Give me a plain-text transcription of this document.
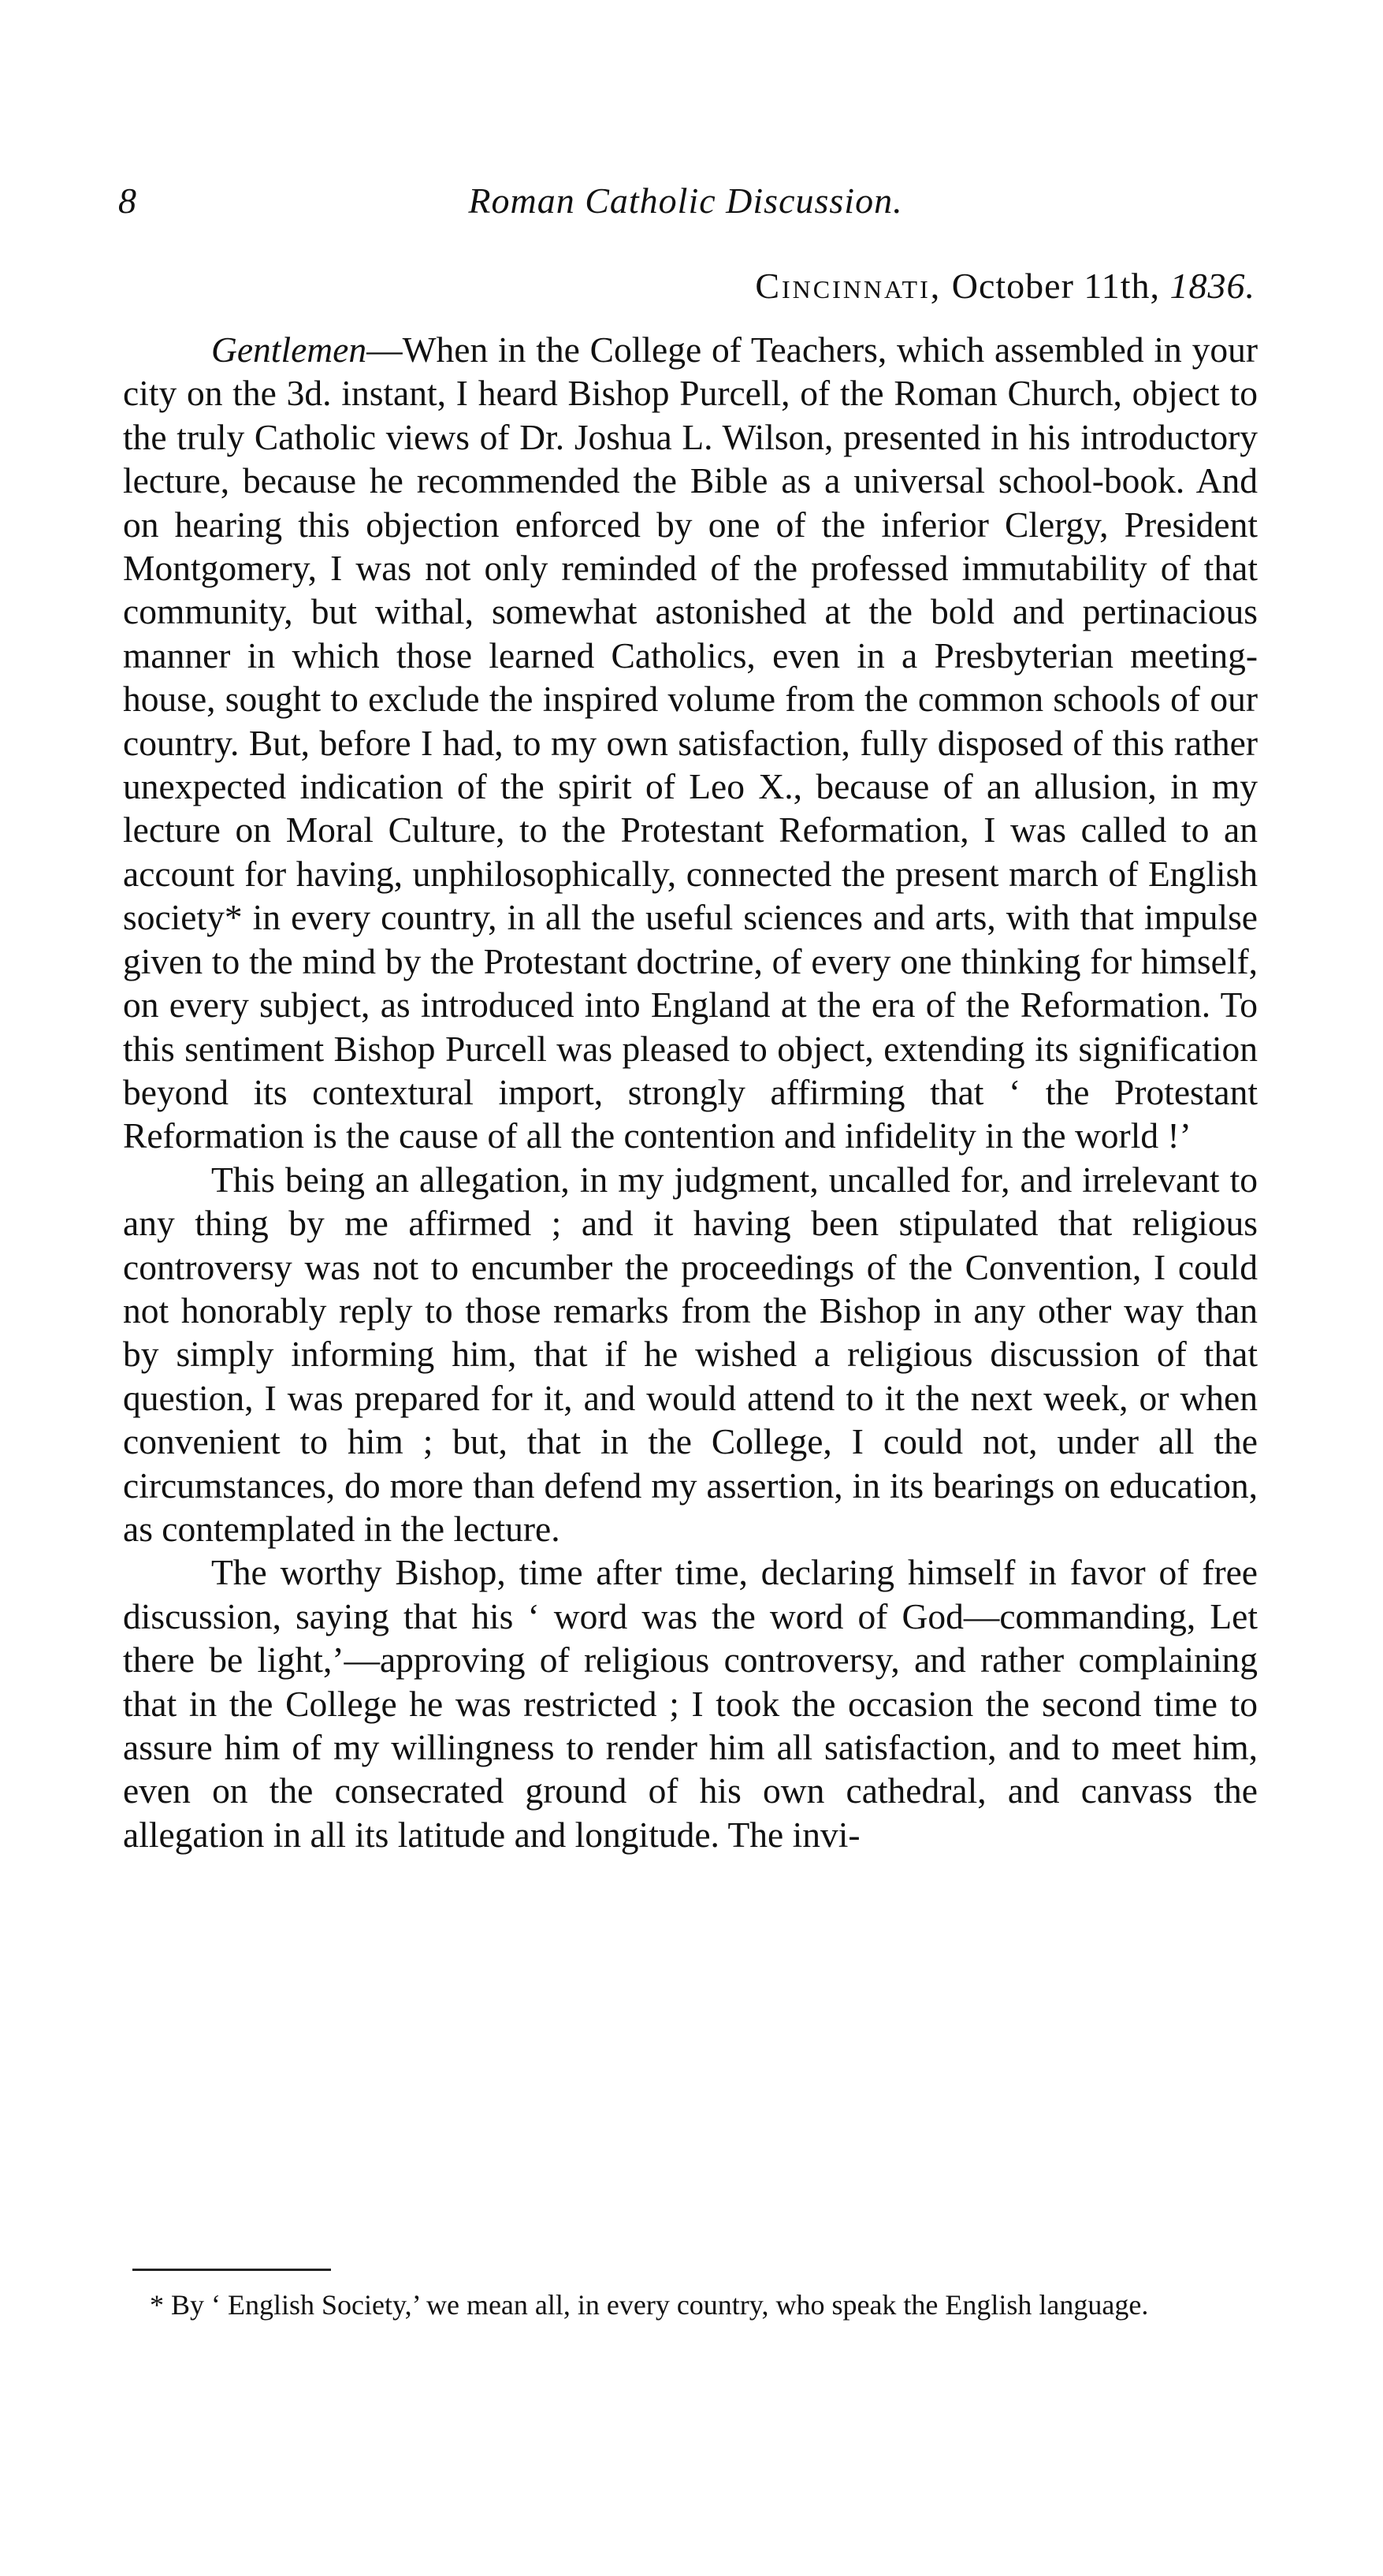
8	Roman Catholic Discussion.
Cincinnati, October 11th, 1836.

Gentlemen—When in the College of Teachers, which assembled in your city on the 3d. instant, I heard Bishop Purcell, of the Roman Church, object to the truly Catholic views of Dr. Joshua L. Wilson, presented in his introductory lecture, because he recommended the Bible as a universal school-book. And on hearing this objection enforced by one of the inferior Clergy, President Montgomery, I was not only reminded of the professed immutability of that community, but withal, somewhat astonished at the bold and pertinacious manner in which those learned Catholics, even in a Presbyterian meeting-house, sought to exclude the inspired volume from the common schools of our country. But, before I had, to my own satisfaction, fully disposed of this rather unexpected indication of the spirit of Leo X., because of an allusion, in my lecture on Moral Culture, to the Protestant Reformation, I was called to an account for having, unphilosophically, connected the present march of English society* in every country, in all the useful sciences and arts, with that impulse given to the mind by the Protestant doctrine, of every one thinking for himself, on every subject, as introduced into England at the era of the Reformation. To this sentiment Bishop Purcell was pleased to object, extending its signification beyond its contextural import, strongly affirming that ‘ the Protestant Reformation is the cause of all the contention and infidelity in the world !’

This being an allegation, in my judgment, uncalled for, and irrelevant to any thing by me affirmed ; and it having been stipulated that religious controversy was not to encumber the proceedings of the Convention, I could not honorably reply to those remarks from the Bishop in any other way than by simply informing him, that if he wished a religious discussion of that question, I was prepared for it, and would attend to it the next week, or when convenient to him ; but, that in the College, I could not, under all the circumstances, do more than defend my assertion, in its bearings on education, as contemplated in the lecture.

The worthy Bishop, time after time, declaring himself in favor of free discussion, saying that his ‘ word was the word of God—commanding, Let there be light,’—approving of religious controversy, and rather complaining that in the College he was restricted ; I took the occasion the second time to assure him of my willingness to render him all satisfaction, and to meet him, even on the consecrated ground of his own cathedral, and canvass the allegation in all its latitude and longitude. The invi-

* By ‘ English Society,’ we mean all, in every country, who speak the English language.
